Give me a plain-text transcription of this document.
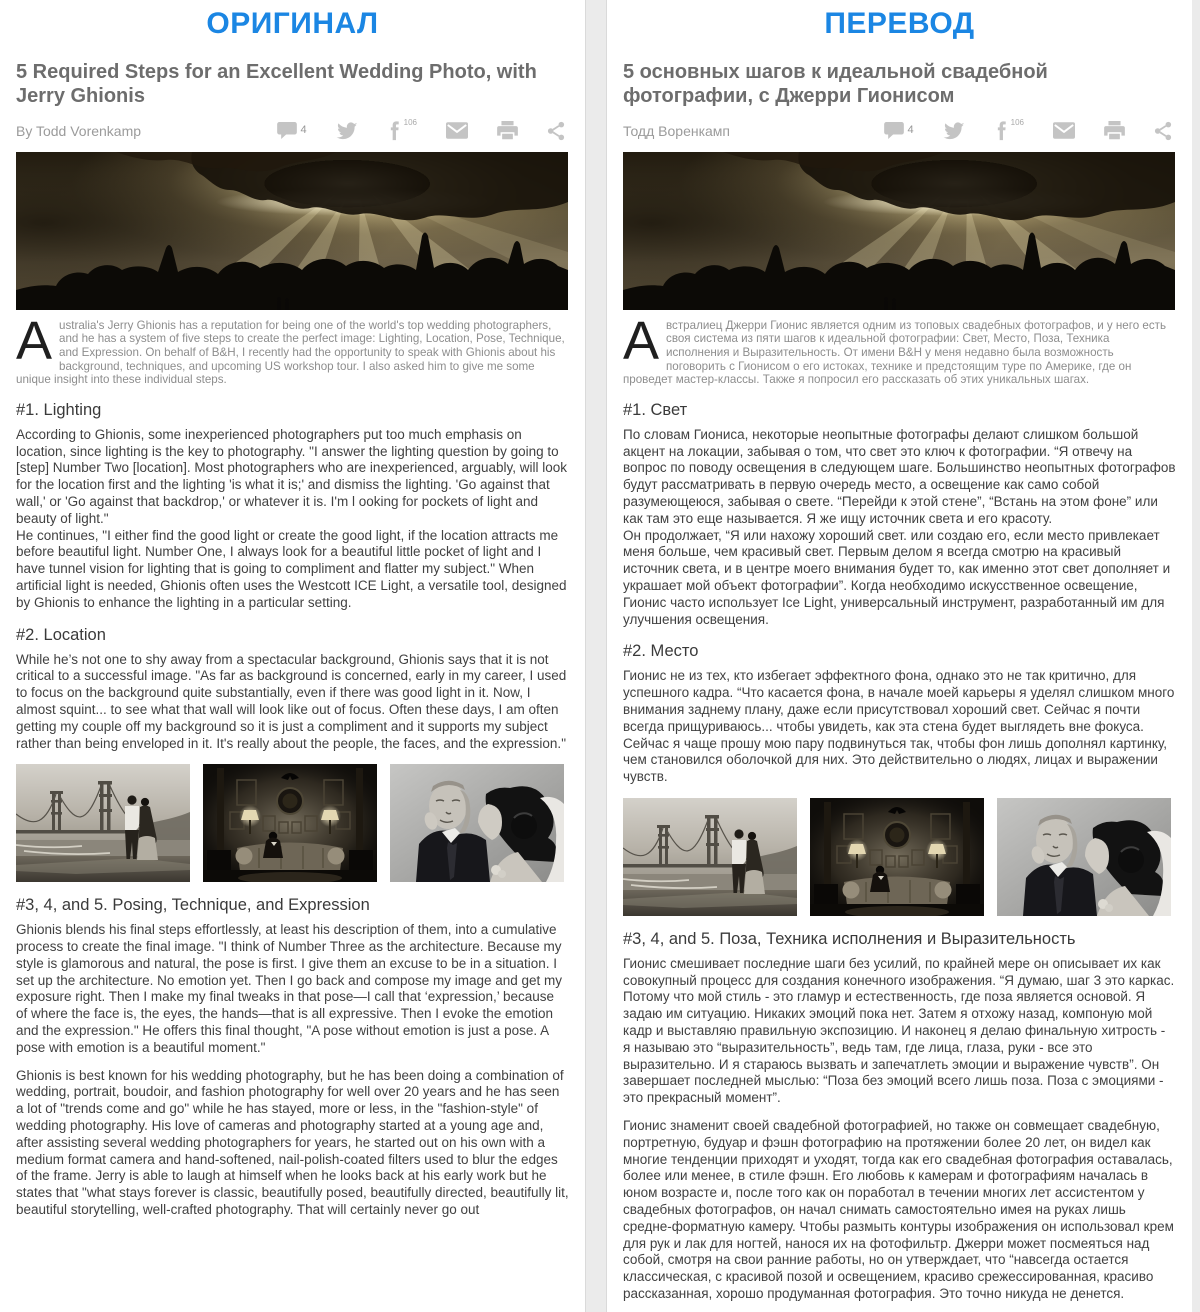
ОРИГИНАЛ
5 Required Steps for an Excellent Wedding Photo, with Jerry Ghionis
By Todd Vorenkamp	4
106

Australia's Jerry Ghionis has a reputation for being one of the world's top wedding photographers, and he has a system of five steps to create the perfect image: Lighting, Location, Pose, Technique, and Expression. On behalf of B&H, I recently had the opportunity to speak with Ghionis about his background, techniques, and upcoming US workshop tour. I also asked him to give me some unique insight into these individual steps.

#1. Lighting

According to Ghionis, some inexperienced photographers put too much emphasis on location, since lighting is the key to photography. "I answer the lighting question by going to [step] Number Two [location]. Most photographers who are inexperienced, arguably, will look for the location first and the lighting 'is what it is;' and dismiss the lighting. 'Go against that wall,' or 'Go against that backdrop,' or whatever it is. I'm l ooking for pockets of light and beauty of light."

He continues, "I either find the good light or create the good light, if the location attracts me before beautiful light. Number One, I always look for a beautiful little pocket of light and I have tunnel vision for lighting that is going to compliment and flatter my subject." When artificial light is needed, Ghionis often uses the Westcott ICE Light, a versatile tool, designed by Ghionis to enhance the lighting in a particular setting.

#2. Location

While he’s not one to shy away from a spectacular background, Ghionis says that it is not critical to a successful image. "As far as background is concerned, early in my career, I used to focus on the background quite substantially, even if there was good light in it. Now, I almost squint... to see what that wall will look like out of focus. Often these days, I am often getting my couple off my background so it is just a compliment and it supports my subject rather than being enveloped in it. It's really about the people, the faces, and the expression."

#3, 4, and 5. Posing, Technique, and Expression

Ghionis blends his final steps effortlessly, at least his description of them, into a cumulative process to create the final image. "I think of Number Three as the architecture. Because my style is glamorous and natural, the pose is first. I give them an excuse to be in a situation. I set up the architecture. No emotion yet. Then I go back and compose my image and get my exposure right. Then I make my final tweaks in that pose—I call that ‘expression,’ because of where the face is, the eyes, the hands—that is all expressive. Then I evoke the emotion and the expression." He offers this final thought, "A pose without emotion is just a pose. A pose with emotion is a beautiful moment."

Ghionis is best known for his wedding photography, but he has been doing a combination of wedding, portrait, boudoir, and fashion photography for well over 20 years and he has seen a lot of "trends come and go" while he has stayed, more or less, in the "fashion-style" of wedding photography. His love of cameras and photography started at a young age and, after assisting several wedding photographers for years, he started out on his own with a medium format camera and hand-softened, nail-polish-coated filters used to blur the edges of the frame. Jerry is able to laugh at himself when he looks back at his early work but he states that "what stays forever is classic, beautifully posed, beautifully directed, beautifully lit, beautiful storytelling, well-crafted photography. That will certainly never go out

ПЕРЕВОД
5 основных шагов к идеальной свадебной фотографии, с Джерри Гионисом
Тодд Воренкамп	4
106

Австралиец Джерри Гионис является одним из топовых свадебных фотографов, и у него есть своя система из пяти шагов к идеальной фотографии: Свет, Место, Поза, Техника исполнения и Выразительность. От имени B&H у меня недавно была возможность поговорить с Гионисом о его истоках, технике и предстоящим туре по Америке, где он проведет мастер-классы. Также я попросил его рассказать об этих уникальных шагах.

#1. Свет

По словам Гиониса, некоторые неопытные фотографы делают слишком большой акцент на локации, забывая о том, что свет это ключ к фотографии. “Я отвечу на вопрос по поводу освещения в следующем шаге. Большинство неопытных фотографов будут рассматривать в первую очередь место, а освещение как само собой разумеющеюся, забывая о свете. “Перейди к этой стене”, “Встань на этом фоне” или как там это еще называется. Я же ищу источник света и его красоту.

Он продолжает, “Я или нахожу хороший свет. или создаю его, если место привлекает меня больше, чем красивый свет. Первым делом я всегда смотрю на красивый источник света, и в центре моего внимания будет то, как именно этот свет дополняет и украшает мой объект фотографии”. Когда необходимо искусственное освещение, Гионис часто использует Ice Light, универсальный инструмент, разработанный им для улучшения освещения.

#2. Место

Гионис не из тех, кто избегает эффектного фона, однако это не так критично, для успешного кадра. “Что касается фона, в начале моей карьеры я уделял слишком много внимания заднему плану, даже если присутствовал хороший свет. Сейчас я почти всегда прищуриваюсь... чтобы увидеть, как эта стена будет выглядеть вне фокуса. Сейчас я чаще прошу мою пару подвинуться так, чтобы фон лишь дополнял картинку, чем становился оболочкой для них. Это действительно о людях, лицах и выражении чувств.

#3, 4, and 5. Поза, Техника исполнения и Выразительность

Гионис смешивает последние шаги без усилий, по крайней мере он описывает их как совокупный процесс для создания конечного изображения. “Я думаю, шаг 3 это каркас. Потому что мой стиль - это гламур и естественность, где поза является основой. Я задаю им ситуацию. Никаких эмоций пока нет. Затем я отхожу назад, компоную мой кадр и выставляю правильную экспозицию. И наконец я делаю финальную хитрость - я называю это “выразительность”, ведь там, где лица, глаза, руки - все это выразительно. И я стараюсь вызвать и запечатлеть эмоции и выражение чувств”. Он завершает последней мыслью: “Поза без эмоций всего лишь поза. Поза с эмоциями - это прекрасный момент”.

Гионис знаменит своей свадебной фотографией, но также он совмещает свадебную, портретную, будуар и фэшн фотографию на протяжении более 20 лет, он видел как многие тенденции приходят и уходят, тогда как его свадебная фотография оставалась, более или менее, в стиле фэшн. Его любовь к камерам и фотографиям началась в юном возрасте и, после того как он поработал в течении многих лет ассистентом у свадебных фотографов, он начал снимать самостоятельно имея на руках лишь средне-форматную камеру. Чтобы размыть контуры изображения он использовал крем для рук и лак для ногтей, нанося их на фотофильтр. Джерри может посмеяться над собой, смотря на свои ранние работы, но он утверждает, что “навсегда остается классическая, с красивой позой и освещением, красиво срежессированная, красиво рассказанная, хорошо продуманная фотография. Это точно никуда не денется.
